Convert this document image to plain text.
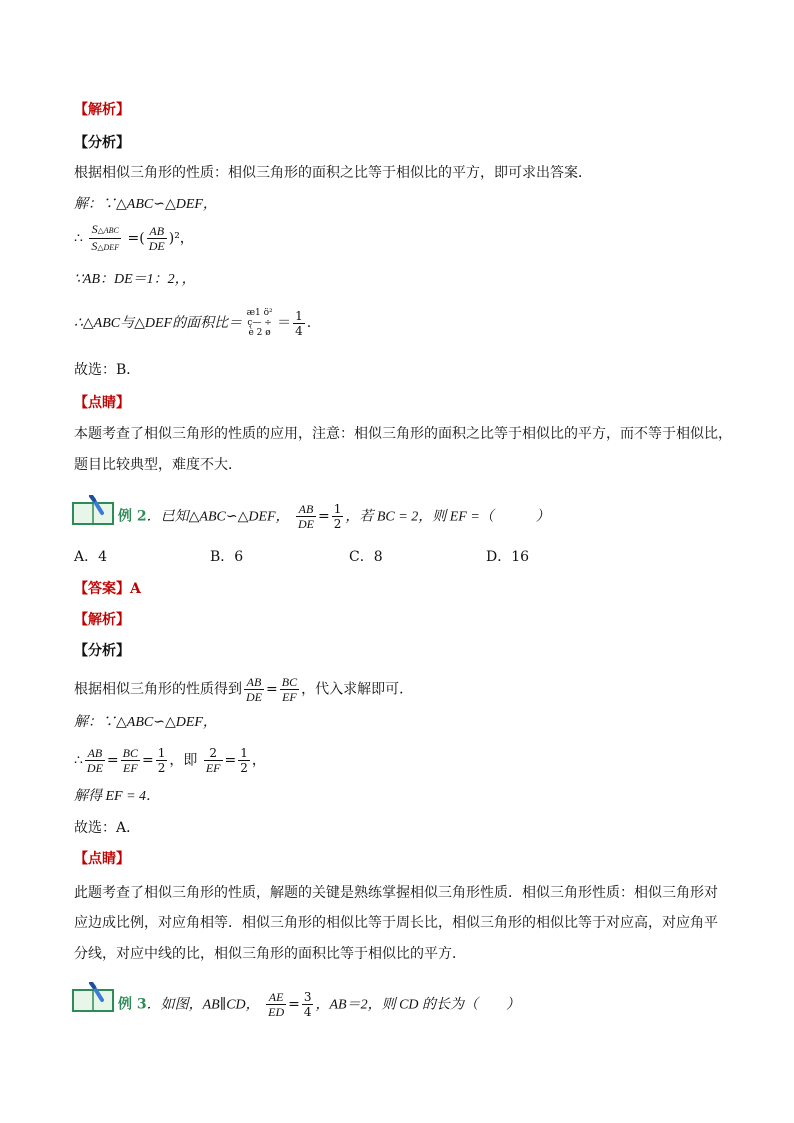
【解析】
【分析】
根据相似三角形的性质：相似三角形的面积之比等于相似比的平方，即可求出答案．
解：∵△ABC∽△DEF，
∴ $\frac{\text{S△ABC}}{\text{S△DEF}}$ =( $\frac{AB}{DE} )^2$，
∵AB：DE＝1：2，，
∴△ABC与△DEF的面积比＝
æ1 ö²
ç— ÷
è 2 ø
＝ $\frac{1}{4}$ .
故选：B．
【点睛】
本题考查了相似三角形的性质的应用，注意：相似三角形的面积之比等于相似比的平方，而不等于相似比，
题目比较典型，难度不大．
例 2．已知△ABC∽△DEF， $\frac{AB}{DE} = \frac{1}{2}$ ，若 BC = 2，则 EF =（　　　）
A．4	B．6	C．8	D．16
【答案】A
【解析】
【分析】
根据相似三角形的性质得到 $\frac{AB}{DE} = \frac{BC}{EF}$ ，代入求解即可．
解：∵△ABC∽△DEF，
∴ $\frac{AB}{DE} = \frac{BC}{EF} = \frac{1}{2}$ ，即 $\frac{2}{EF} = \frac{1}{2}$ ，
解得 EF = 4．
故选：A．
【点睛】
此题考查了相似三角形的性质，解题的关键是熟练掌握相似三角形性质．相似三角形性质：相似三角形对
应边成比例，对应角相等．相似三角形的相似比等于周长比，相似三角形的相似比等于对应高，对应角平
分线，对应中线的比，相似三角形的面积比等于相似比的平方．
例 3．如图，AB∥CD， $\frac{AE}{ED} = \frac{3}{4}$ ，AB＝2，则 CD 的长为（　　）
